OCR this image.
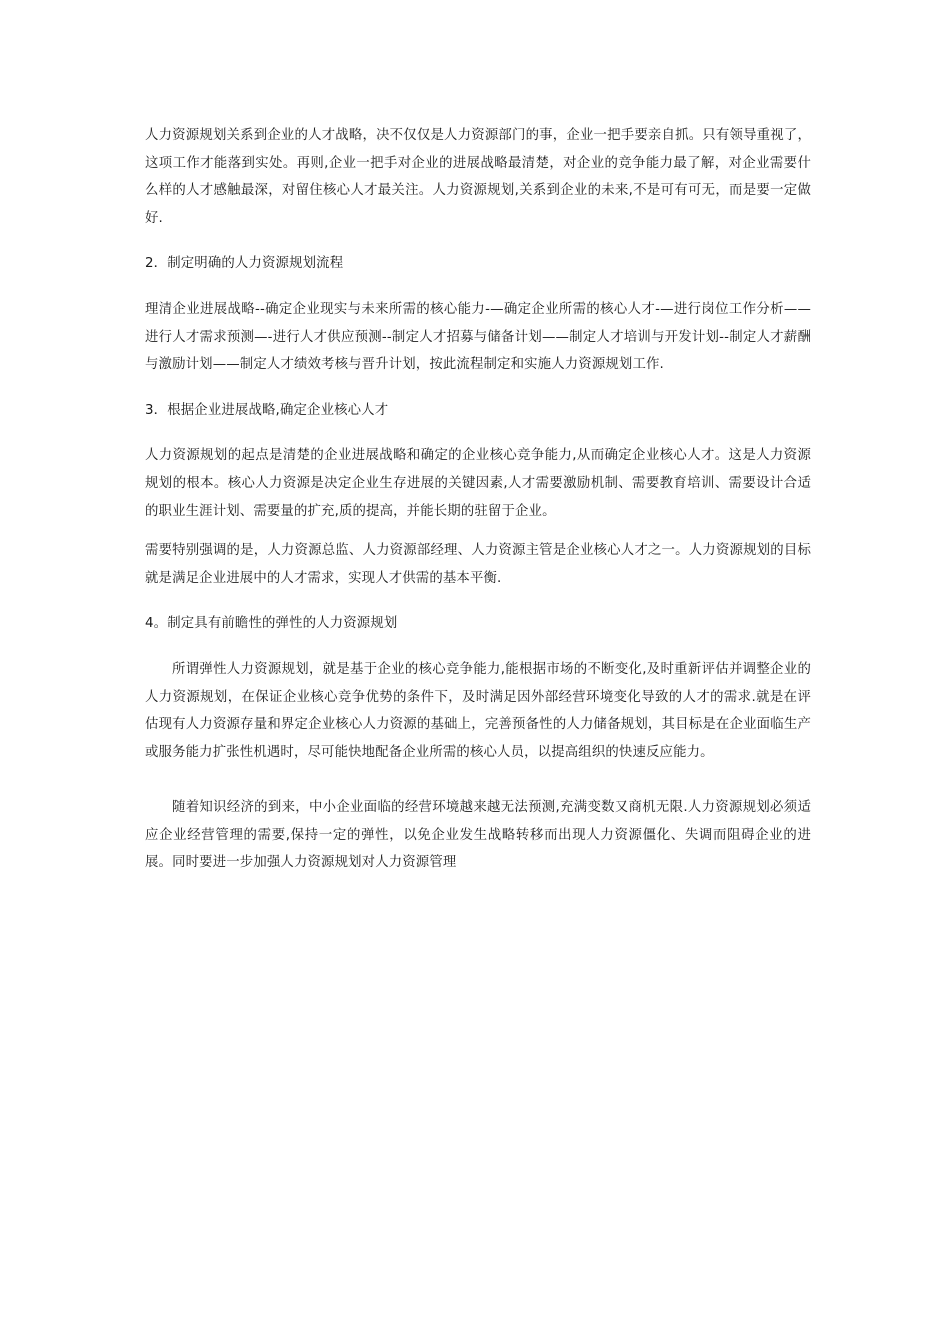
人力资源规划关系到企业的人才战略，决不仅仅是人力资源部门的事，企业一把手要亲自抓。只有领导重视了，这项工作才能落到实处。再则,企业一把手对企业的进展战略最清楚，对企业的竞争能力最了解，对企业需要什么样的人才感触最深，对留住核心人才最关注。人力资源规划,关系到企业的未来,不是可有可无，而是要一定做好.

2．制定明确的人力资源规划流程

理清企业进展战略--确定企业现实与未来所需的核心能力-—确定企业所需的核心人才-—进行岗位工作分析——进行人才需求预测—-进行人才供应预测--制定人才招募与储备计划——制定人才培训与开发计划--制定人才薪酬与激励计划——制定人才绩效考核与晋升计划，按此流程制定和实施人力资源规划工作.

3．根据企业进展战略,确定企业核心人才

人力资源规划的起点是清楚的企业进展战略和确定的企业核心竞争能力,从而确定企业核心人才。这是人力资源规划的根本。核心人力资源是决定企业生存进展的关键因素,人才需要激励机制、需要教育培训、需要设计合适的职业生涯计划、需要量的扩充,质的提高，并能长期的驻留于企业。

需要特别强调的是，人力资源总监、人力资源部经理、人力资源主管是企业核心人才之一。人力资源规划的目标就是满足企业进展中的人才需求，实现人才供需的基本平衡.

4。制定具有前瞻性的弹性的人力资源规划

所谓弹性人力资源规划，就是基于企业的核心竞争能力,能根据市场的不断变化,及时重新评估并调整企业的人力资源规划，在保证企业核心竞争优势的条件下，及时满足因外部经营环境变化导致的人才的需求.就是在评估现有人力资源存量和界定企业核心人力资源的基础上，完善预备性的人力储备规划，其目标是在企业面临生产或服务能力扩张性机遇时，尽可能快地配备企业所需的核心人员，以提高组织的快速反应能力。

随着知识经济的到来，中小企业面临的经营环境越来越无法预测,充满变数又商机无限.人力资源规划必须适应企业经营管理的需要,保持一定的弹性，以免企业发生战略转移而出现人力资源僵化、失调而阻碍企业的进展。同时要进一步加强人力资源规划对人力资源管理
